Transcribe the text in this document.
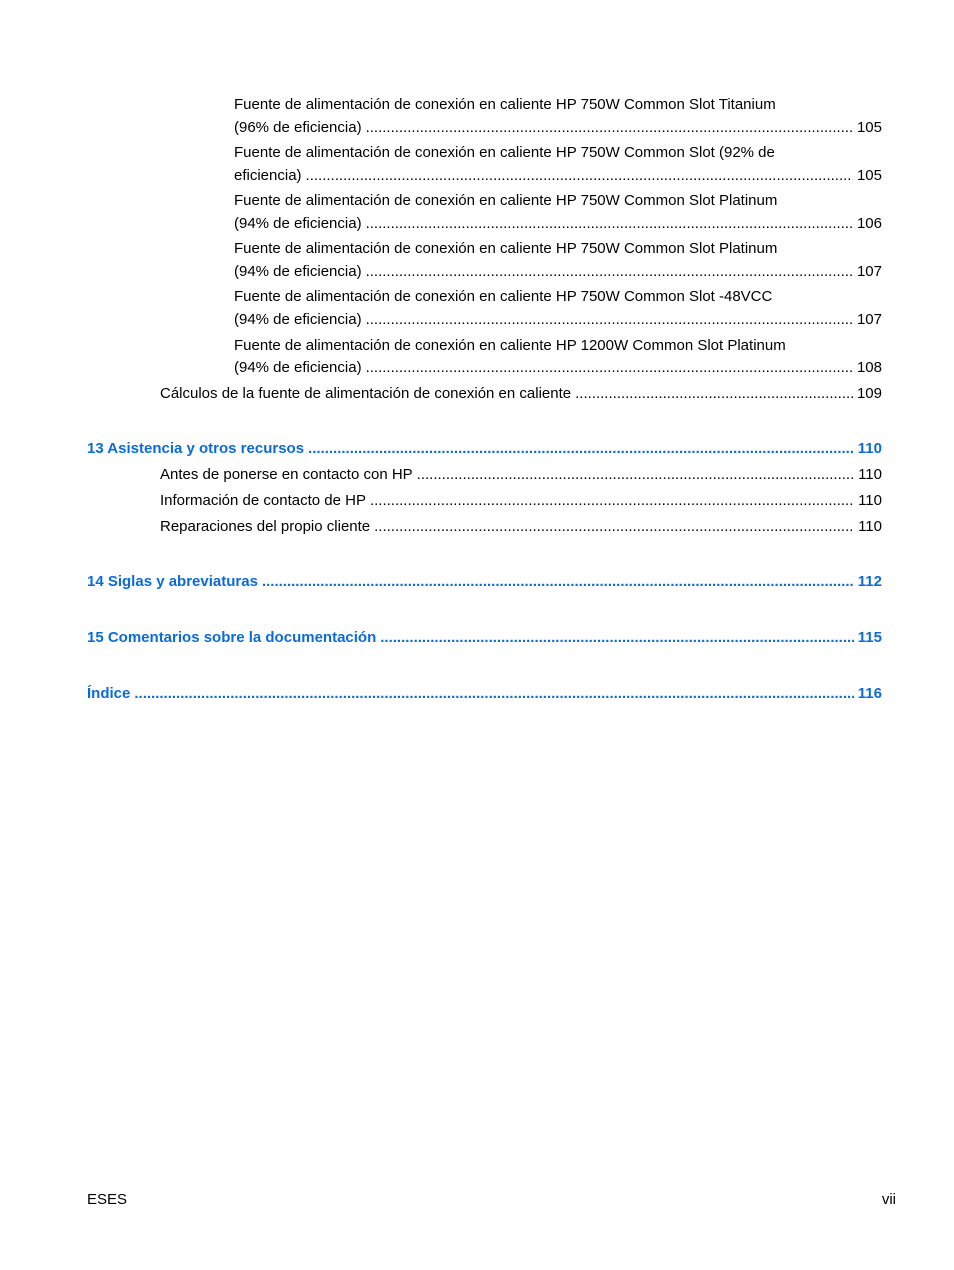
Fuente de alimentación de conexión en caliente HP 750W Common Slot Titanium
(96% de eficiencia) .....	105
Fuente de alimentación de conexión en caliente HP 750W Common Slot (92% de
eficiencia) .....	105
Fuente de alimentación de conexión en caliente HP 750W Common Slot Platinum
(94% de eficiencia) .....	106
Fuente de alimentación de conexión en caliente HP 750W Common Slot Platinum
(94% de eficiencia) .....	107
Fuente de alimentación de conexión en caliente HP 750W Common Slot -48VCC
(94% de eficiencia) .....	107
Fuente de alimentación de conexión en caliente HP 1200W Common Slot Platinum
(94% de eficiencia) .....	108
Cálculos de la fuente de alimentación de conexión en caliente .....	109
13 Asistencia y otros recursos .....	110
Antes de ponerse en contacto con HP .....	110
Información de contacto de HP .....	110
Reparaciones del propio cliente .....	110
14 Siglas y abreviaturas .....	112
15 Comentarios sobre la documentación .....	115
Índice .....	116
ESES	vii
